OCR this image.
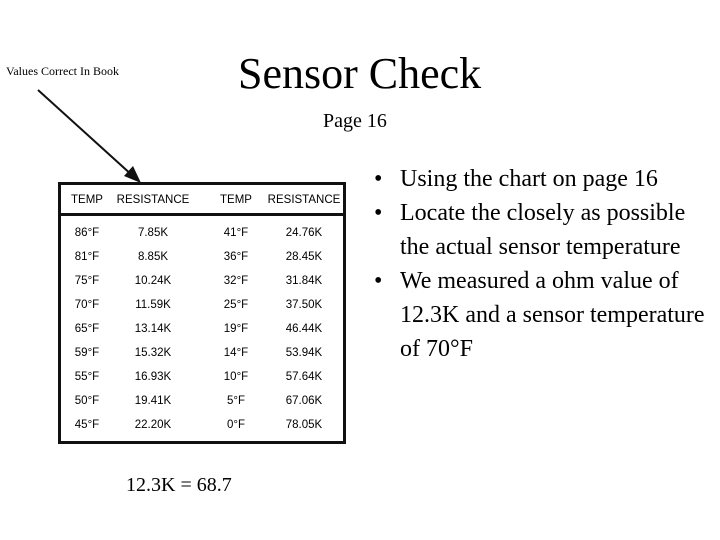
Values Correct In Book	Sensor Check
Page 16
TEMP	RESISTANCE	TEMP	RESISTANCE
86°F	7.85K	41°F	24.76K
81°F	8.85K	36°F	28.45K
75°F	10.24K	32°F	31.84K
70°F	11.59K	25°F	37.50K
65°F	13.14K	19°F	46.44K
59°F	15.32K	14°F	53.94K
55°F	16.93K	10°F	57.64K
50°F	19.41K	5°F	67.06K
45°F	22.20K	0°F	78.05K
12.3K = 68.7
• Using the chart on page 16
• Locate the closely as possible the actual sensor temperature
• We measured a ohm value of 12.3K and a sensor temperature of 70°F
